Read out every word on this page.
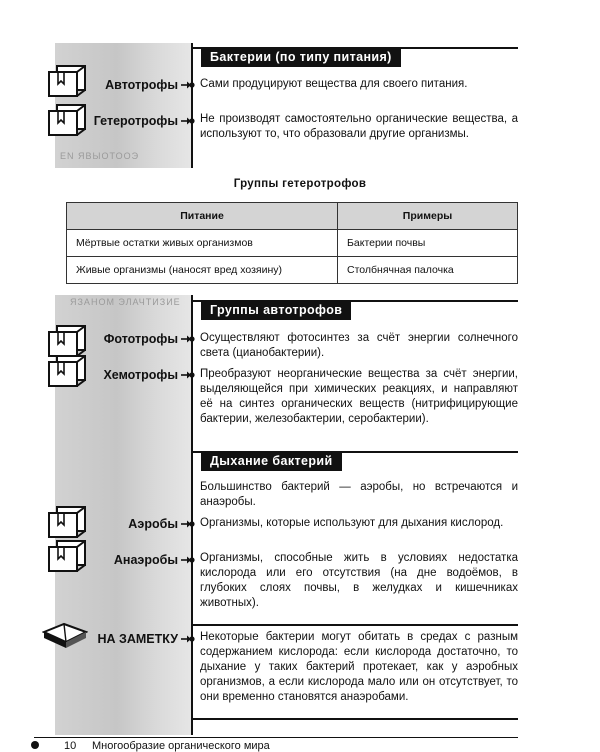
EN ЯВЫОТООЭ
Бактерии (по типу питания)
Автотрофы Сами продуцируют вещества для своего питания.
Гетеротрофы Не производят самостоятельно органические вещества, а используют то, что образовали другие организмы.
Группы гетеротрофов
Питание	Примеры
Мёртвые остатки живых организмов	Бактерии почвы
Живые организмы (наносят вред хозяину)	Столбнячная палочка
ЯЗАНОМ ЭЛАЧТИЗИЕ
Группы автотрофов
Фототрофы Осуществляют фотосинтез за счёт энергии солнечного света (цианобактерии).
Хемотрофы Преобразуют неорганические вещества за счёт энергии, выделяющейся при химических реакциях, и направляют её на синтез органических веществ (нитрифицирующие бактерии, железобактерии, серобактерии).
Дыхание бактерий
Большинство бактерий — аэробы, но встречаются и анаэробы.
Аэробы Организмы, которые используют для дыхания кислород.
Анаэробы Организмы, способные жить в условиях недостатка кислорода или его отсутствия (на дне водоёмов, в глубоких слоях почвы, в желудках и кишечниках животных).
НА ЗАМЕТКУ Некоторые бактерии могут обитать в средах с разным содержанием кислорода: если кислорода достаточно, то дыхание у таких бактерий протекает, как у аэробных организмов, а если кислорода мало или он отсутствует, то они временно становятся анаэробами.
10 Многообразие органического мира
